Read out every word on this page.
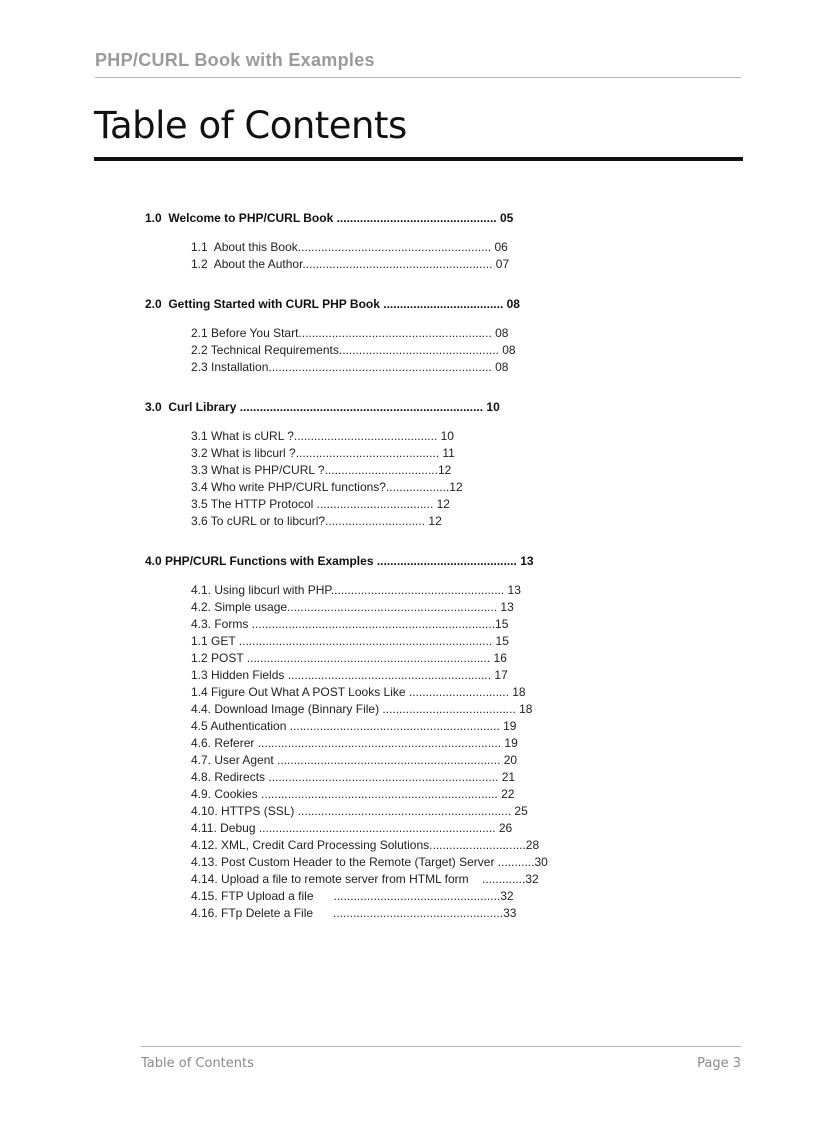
PHP/CURL Book with Examples
Table of Contents
1.0  Welcome to PHP/CURL Book ................................................ 05
1.1  About this Book.......................................................... 06
1.2  About the Author......................................................... 07
2.0  Getting Started with CURL PHP Book .................................... 08
2.1 Before You Start.......................................................... 08
2.2 Technical Requirements................................................ 08
2.3 Installation................................................................... 08
3.0  Curl Library ......................................................................... 10
3.1 What is cURL ?........................................... 10
3.2 What is libcurl ?........................................... 11
3.3 What is PHP/CURL ?..................................12
3.4 Who write PHP/CURL functions?...................12
3.5 The HTTP Protocol ................................... 12
3.6 To cURL or to libcurl?.............................. 12
4.0 PHP/CURL Functions with Examples .......................................... 13
4.1. Using libcurl with PHP.................................................... 13
4.2. Simple usage............................................................... 13
4.3. Forms .........................................................................15
1.1 GET ............................................................................ 15
1.2 POST ......................................................................... 16
1.3 Hidden Fields ............................................................. 17
1.4 Figure Out What A POST Looks Like .............................. 18
4.4. Download Image (Binnary File) ........................................ 18
4.5 Authentication ............................................................... 19
4.6. Referer ......................................................................... 19
4.7. User Agent ................................................................... 20
4.8. Redirects ..................................................................... 21
4.9. Cookies ....................................................................... 22
4.10. HTTPS (SSL) ................................................................ 25
4.11. Debug ....................................................................... 26
4.12. XML, Credit Card Processing Solutions.............................28
4.13. Post Custom Header to the Remote (Target) Server ...........30
4.14. Upload a file to remote server from HTML form    .............32
4.15. FTP Upload a file      ..................................................32
4.16. FTp Delete a File      ...................................................33
Table of Contents	Page 3
